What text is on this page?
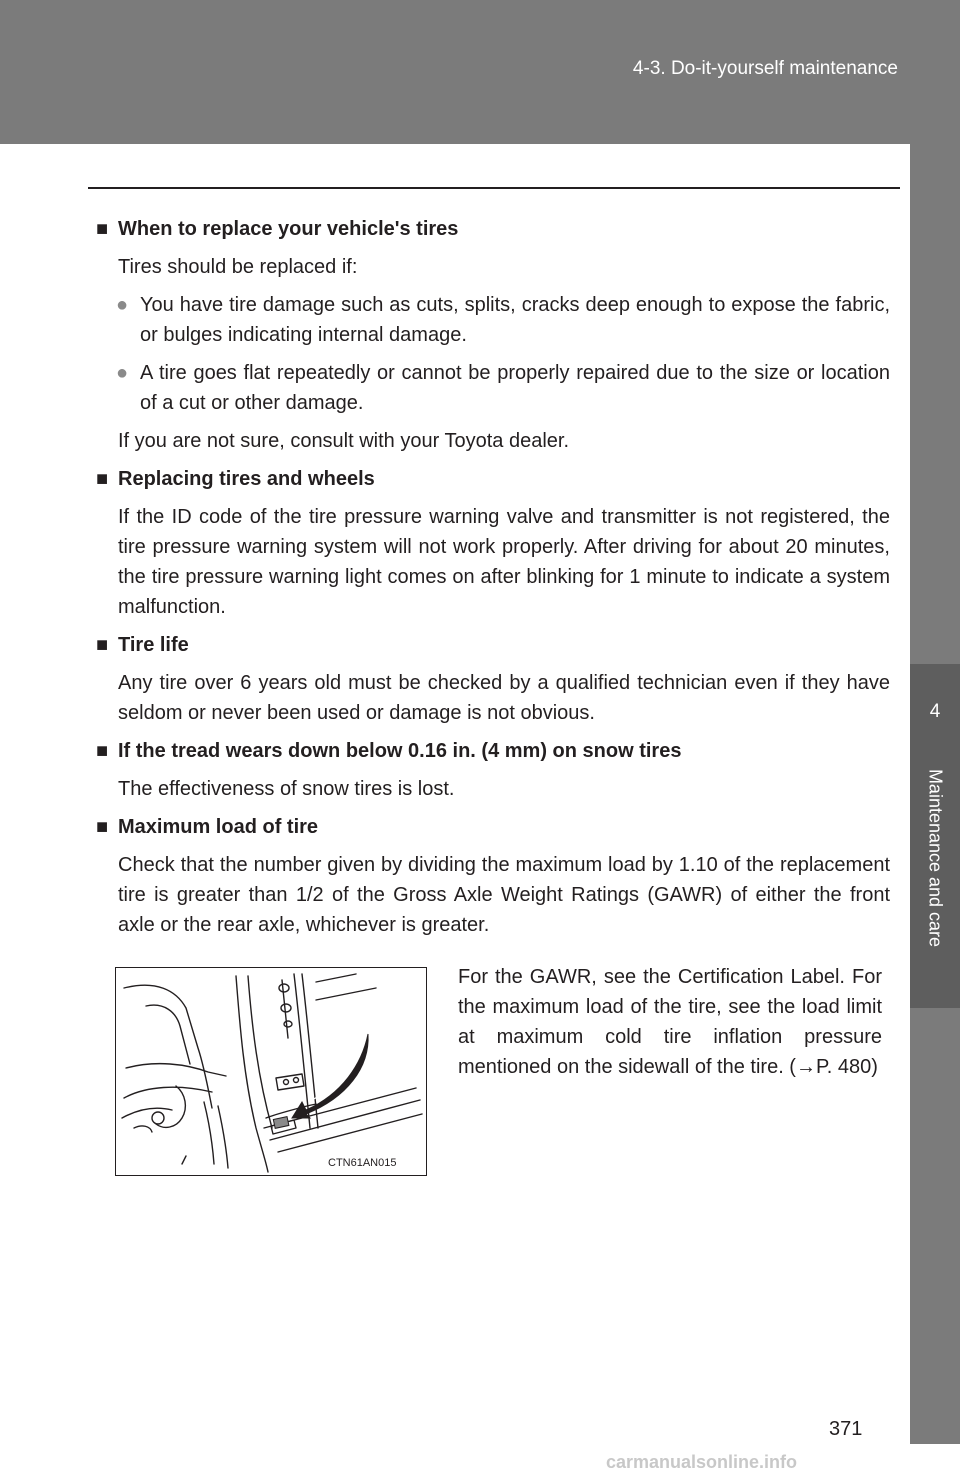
4-3. Do-it-yourself maintenance
4
Maintenance and care
■ When to replace your vehicle's tires
Tires should be replaced if:
● You have tire damage such as cuts, splits, cracks deep enough to expose the fabric, or bulges indicating internal damage.
● A tire goes flat repeatedly or cannot be properly repaired due to the size or location of a cut or other damage.
If you are not sure, consult with your Toyota dealer.
■ Replacing tires and wheels
If the ID code of the tire pressure warning valve and transmitter is not registered, the tire pressure warning system will not work properly. After driving for about 20 minutes, the tire pressure warning light comes on after blinking for 1 minute to indicate a system malfunction.
■ Tire life
Any tire over 6 years old must be checked by a qualified technician even if they have seldom or never been used or damage is not obvious.
■ If the tread wears down below 0.16 in. (4 mm) on snow tires
The effectiveness of snow tires is lost.
■ Maximum load of tire
Check that the number given by dividing the maximum load by 1.10 of the replacement tire is greater than 1/2 of the Gross Axle Weight Ratings (GAWR) of either the front axle or the rear axle, whichever is greater.
CTN61AN015
For the GAWR, see the Certification Label. For the maximum load of the tire, see the load limit at maximum cold tire inflation pressure mentioned on the sidewall of the tire. (→P. 480)
371
carmanualsonline.info
